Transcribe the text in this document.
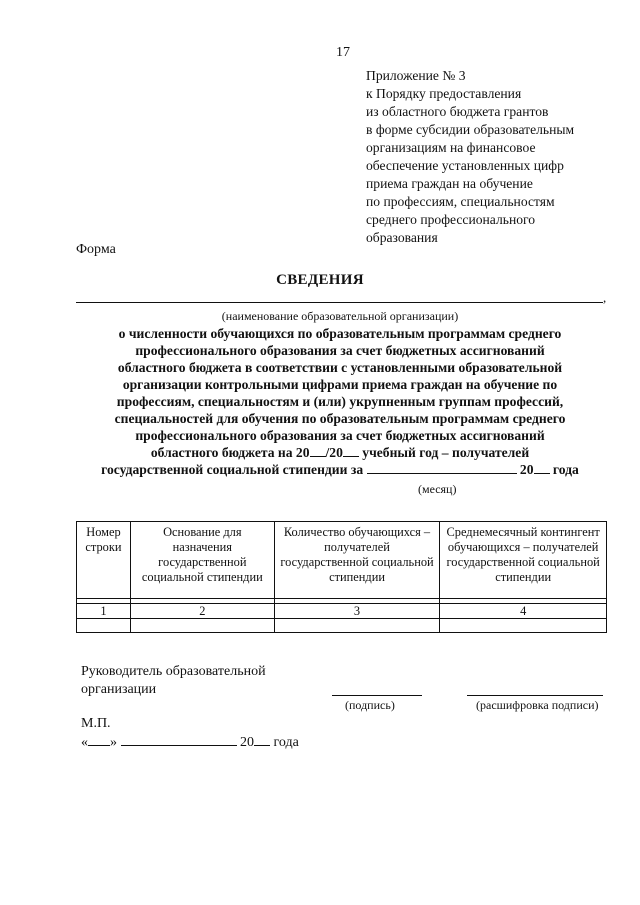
17
Приложение № 3
к Порядку предоставления
из областного бюджета грантов
в форме субсидии образовательным
организациям на финансовое
обеспечение установленных цифр
приема граждан на обучение
по профессиям, специальностям
среднего профессионального
образования
Форма
СВЕДЕНИЯ
,
(наименование образовательной организации)
о численности обучающихся по образовательным программам среднего
профессионального образования за счет бюджетных ассигнований
областного бюджета в соответствии с установленными образовательной
организации контрольными цифрами приема граждан на обучение по
профессиям, специальностям и (или) укрупненным группам профессий,
специальностей для обучения по образовательным программам среднего
профессионального образования за счет бюджетных ассигнований
областного бюджета на 20 /20 учебный год – получателей
государственной социальной стипендии за	20 года
(месяц)
Номер строки	Основание для назначения государственной социальной стипендии	Количество обучающихся – получателей государственной социальной стипендии	Среднемесячный контингент обучающихся – получателей государственной социальной стипендии

1	2	3	4

Руководитель образовательной
организации
(подпись)	(расшифровка подписи)
М.П.
« »	20 года
